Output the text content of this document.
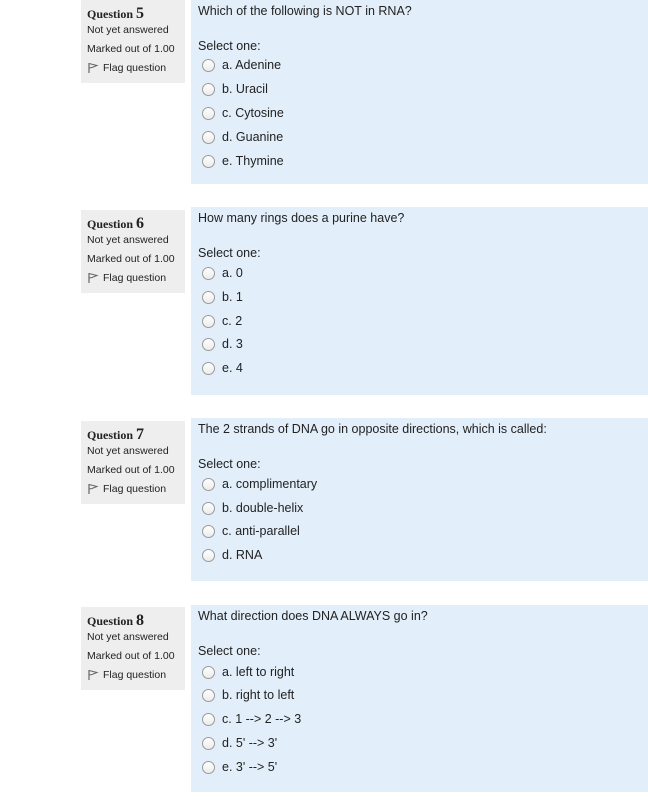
Question 5
Not yet answered
Marked out of 1.00
Flag question
Which of the following is NOT in RNA?
Select one:
a. Adenine
b. Uracil
c. Cytosine
d. Guanine
e. Thymine
Question 6
Not yet answered
Marked out of 1.00
Flag question
How many rings does a purine have?
Select one:
a. 0
b. 1
c. 2
d. 3
e. 4
Question 7
Not yet answered
Marked out of 1.00
Flag question
The 2 strands of DNA go in opposite directions, which is called:
Select one:
a. complimentary
b. double-helix
c. anti-parallel
d. RNA
Question 8
Not yet answered
Marked out of 1.00
Flag question
What direction does DNA ALWAYS go in?
Select one:
a. left to right
b. right to left
c. 1 --> 2 --> 3
d. 5' --> 3'
e. 3' --> 5'
